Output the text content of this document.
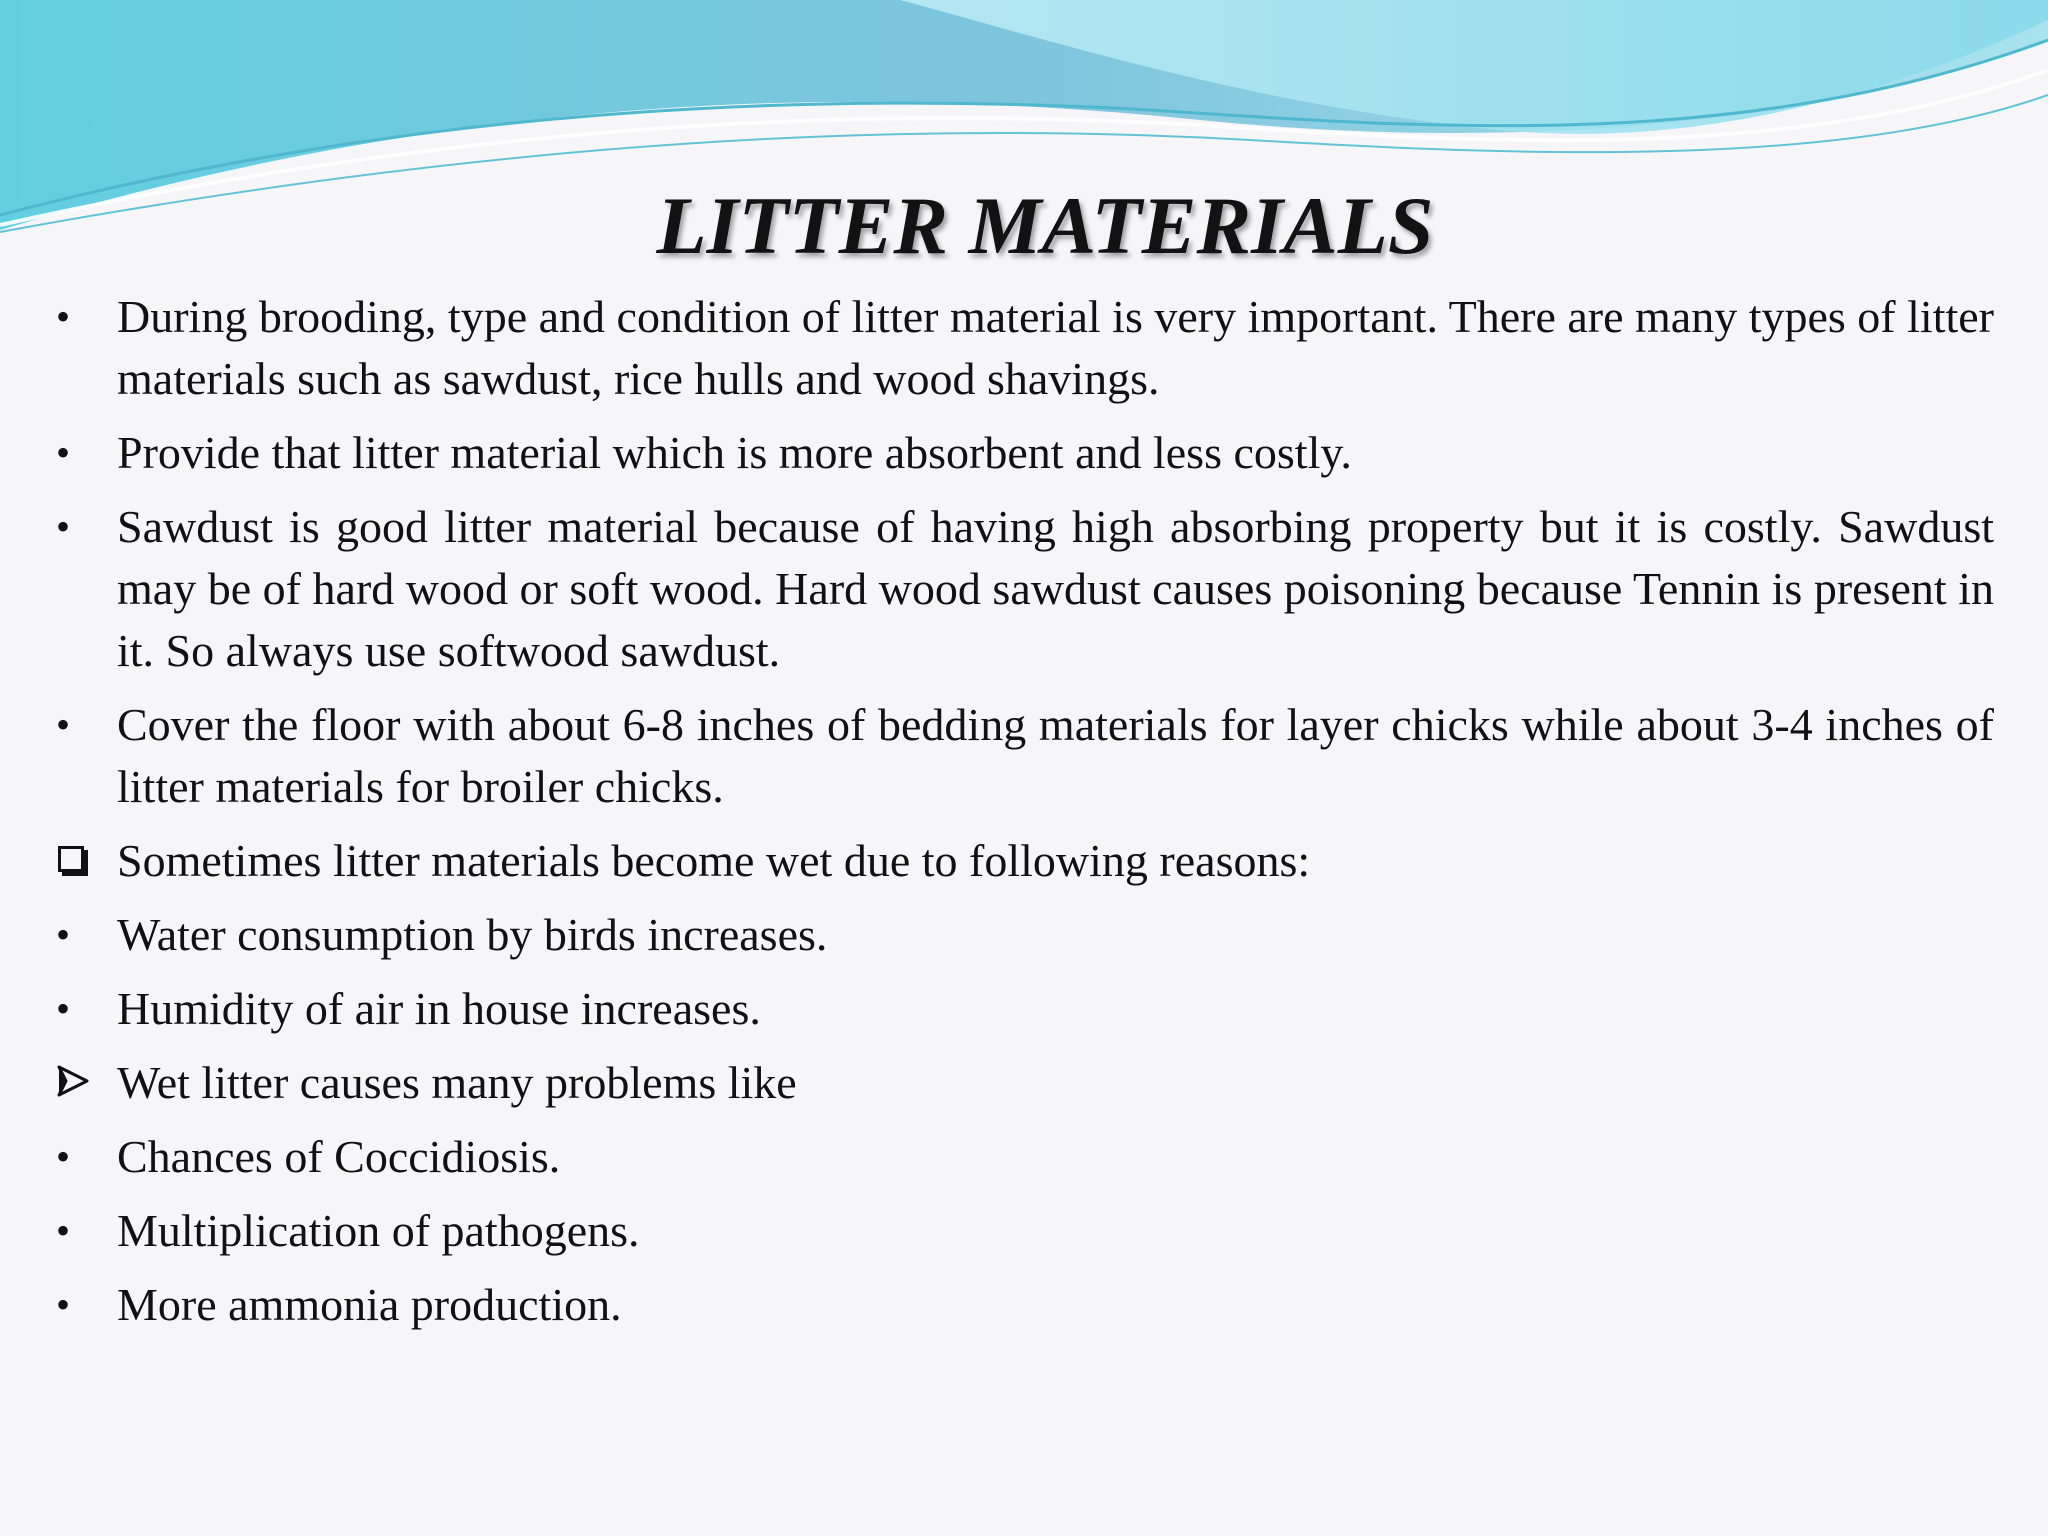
LITTER MATERIALS
•	During brooding, type and condition of litter material is very important. There are many types of litter materials such as sawdust, rice hulls and wood shavings.
•	Provide that litter material which is more absorbent and less costly.
•	Sawdust is good litter material because of having high absorbing property but it is costly. Sawdust may be of hard wood or soft wood. Hard wood sawdust causes poisoning because Tennin is present in it. So always use softwood sawdust.
•	Cover the floor with about 6-8 inches of bedding materials for layer chicks while about 3-4 inches of litter materials for broiler chicks.
Sometimes litter materials become wet due to following reasons:
•	Water consumption by birds increases.
•	Humidity of air in house increases.
Wet litter causes many problems like
•	Chances of Coccidiosis.
•	Multiplication of pathogens.
•	More ammonia production.
